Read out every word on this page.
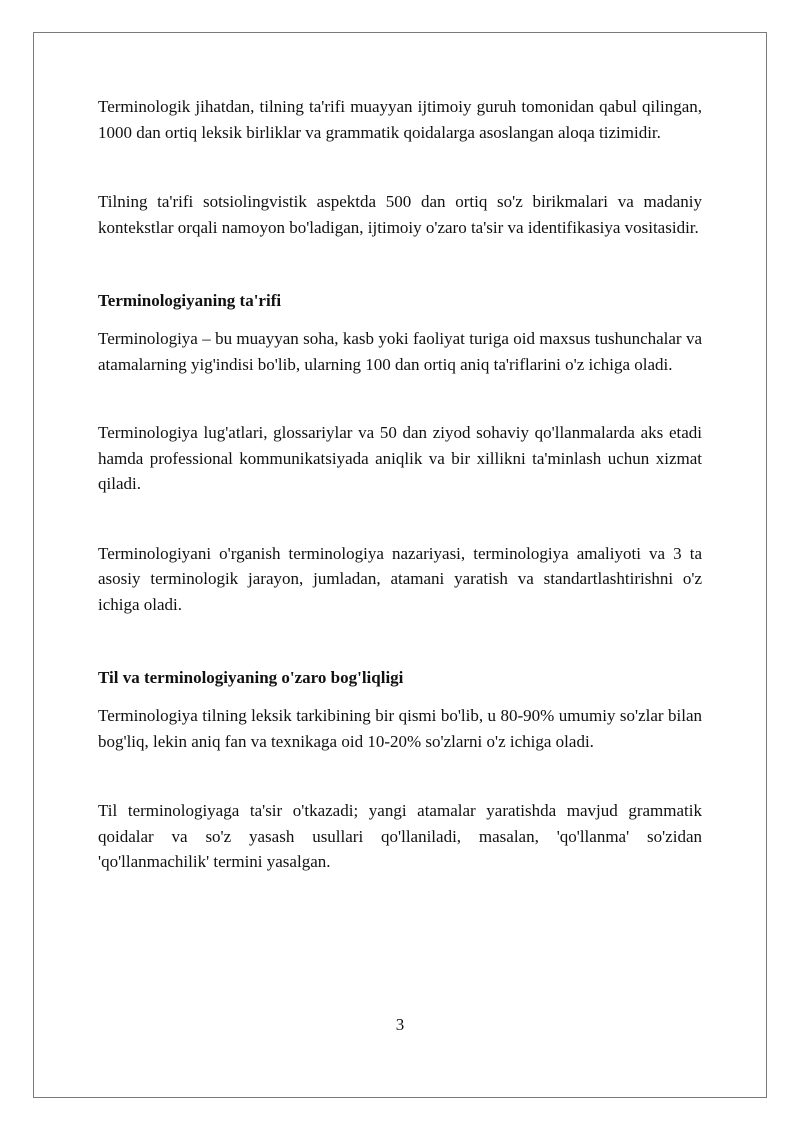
Terminologik jihatdan, tilning ta'rifi muayyan ijtimoiy guruh tomonidan qabul qilingan, 1000 dan ortiq leksik birliklar va grammatik qoidalarga asoslangan aloqa tizimidir.

Tilning ta'rifi sotsiolingvistik aspektda 500 dan ortiq so'z birikmalari va madaniy kontekstlar orqali namoyon bo'ladigan, ijtimoiy o'zaro ta'sir va identifikasiya vositasidir.

Terminologiyaning ta'rifi

Terminologiya – bu muayyan soha, kasb yoki faoliyat turiga oid maxsus tushunchalar va atamalarning yig'indisi bo'lib, ularning 100 dan ortiq aniq ta'riflarini o'z ichiga oladi.

Terminologiya lug'atlari, glossariylar va 50 dan ziyod sohaviy qo'llanmalarda aks etadi hamda professional kommunikatsiyada aniqlik va bir xillikni ta'minlash uchun xizmat qiladi.

Terminologiyani o'rganish terminologiya nazariyasi, terminologiya amaliyoti va 3 ta asosiy terminologik jarayon, jumladan, atamani yaratish va standartlashtirishni o'z ichiga oladi.

Til va terminologiyaning o'zaro bog'liqligi

Terminologiya tilning leksik tarkibining bir qismi bo'lib, u 80-90% umumiy so'zlar bilan bog'liq, lekin aniq fan va texnikaga oid 10-20% so'zlarni o'z ichiga oladi.

Til terminologiyaga ta'sir o'tkazadi; yangi atamalar yaratishda mavjud grammatik qoidalar va so'z yasash usullari qo'llaniladi, masalan, 'qo'llanma' so'zidan 'qo'llanmachilik' termini yasalgan.

3
